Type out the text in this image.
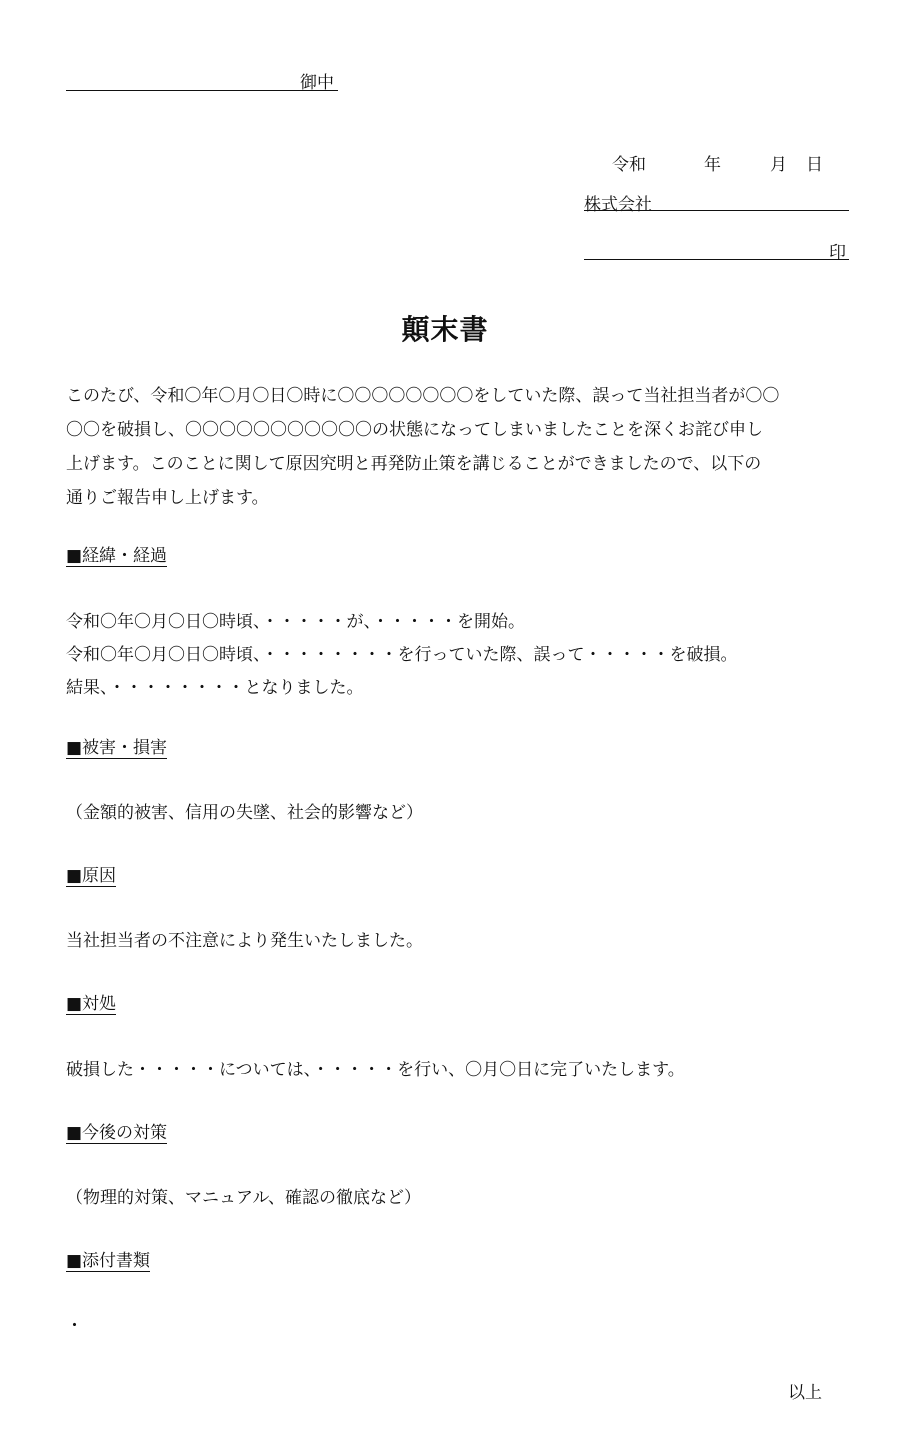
御中
令和	年	月 日
株式会社
印
顛末書
このたび、令和〇年〇月〇日〇時に〇〇〇〇〇〇〇〇をしていた際、誤って当社担当者が〇〇
〇〇を破損し、〇〇〇〇〇〇〇〇〇〇〇の状態になってしまいましたことを深くお詫び申し
上げます。このことに関して原因究明と再発防止策を講じることができましたので、以下の
通りご報告申し上げます。
■経緯・経過
令和〇年〇月〇日〇時頃、・・・・・が、・・・・・を開始。
令和〇年〇月〇日〇時頃、・・・・・・・・を行っていた際、誤って・・・・・を破損。
結果、・・・・・・・・となりました。
■被害・損害
（金額的被害、信用の失墜、社会的影響など）
■原因
当社担当者の不注意により発生いたしました。
■対処
破損した・・・・・については、・・・・・を行い、〇月〇日に完了いたします。
■今後の対策
（物理的対策、マニュアル、確認の徹底など）
■添付書類
・
以上
